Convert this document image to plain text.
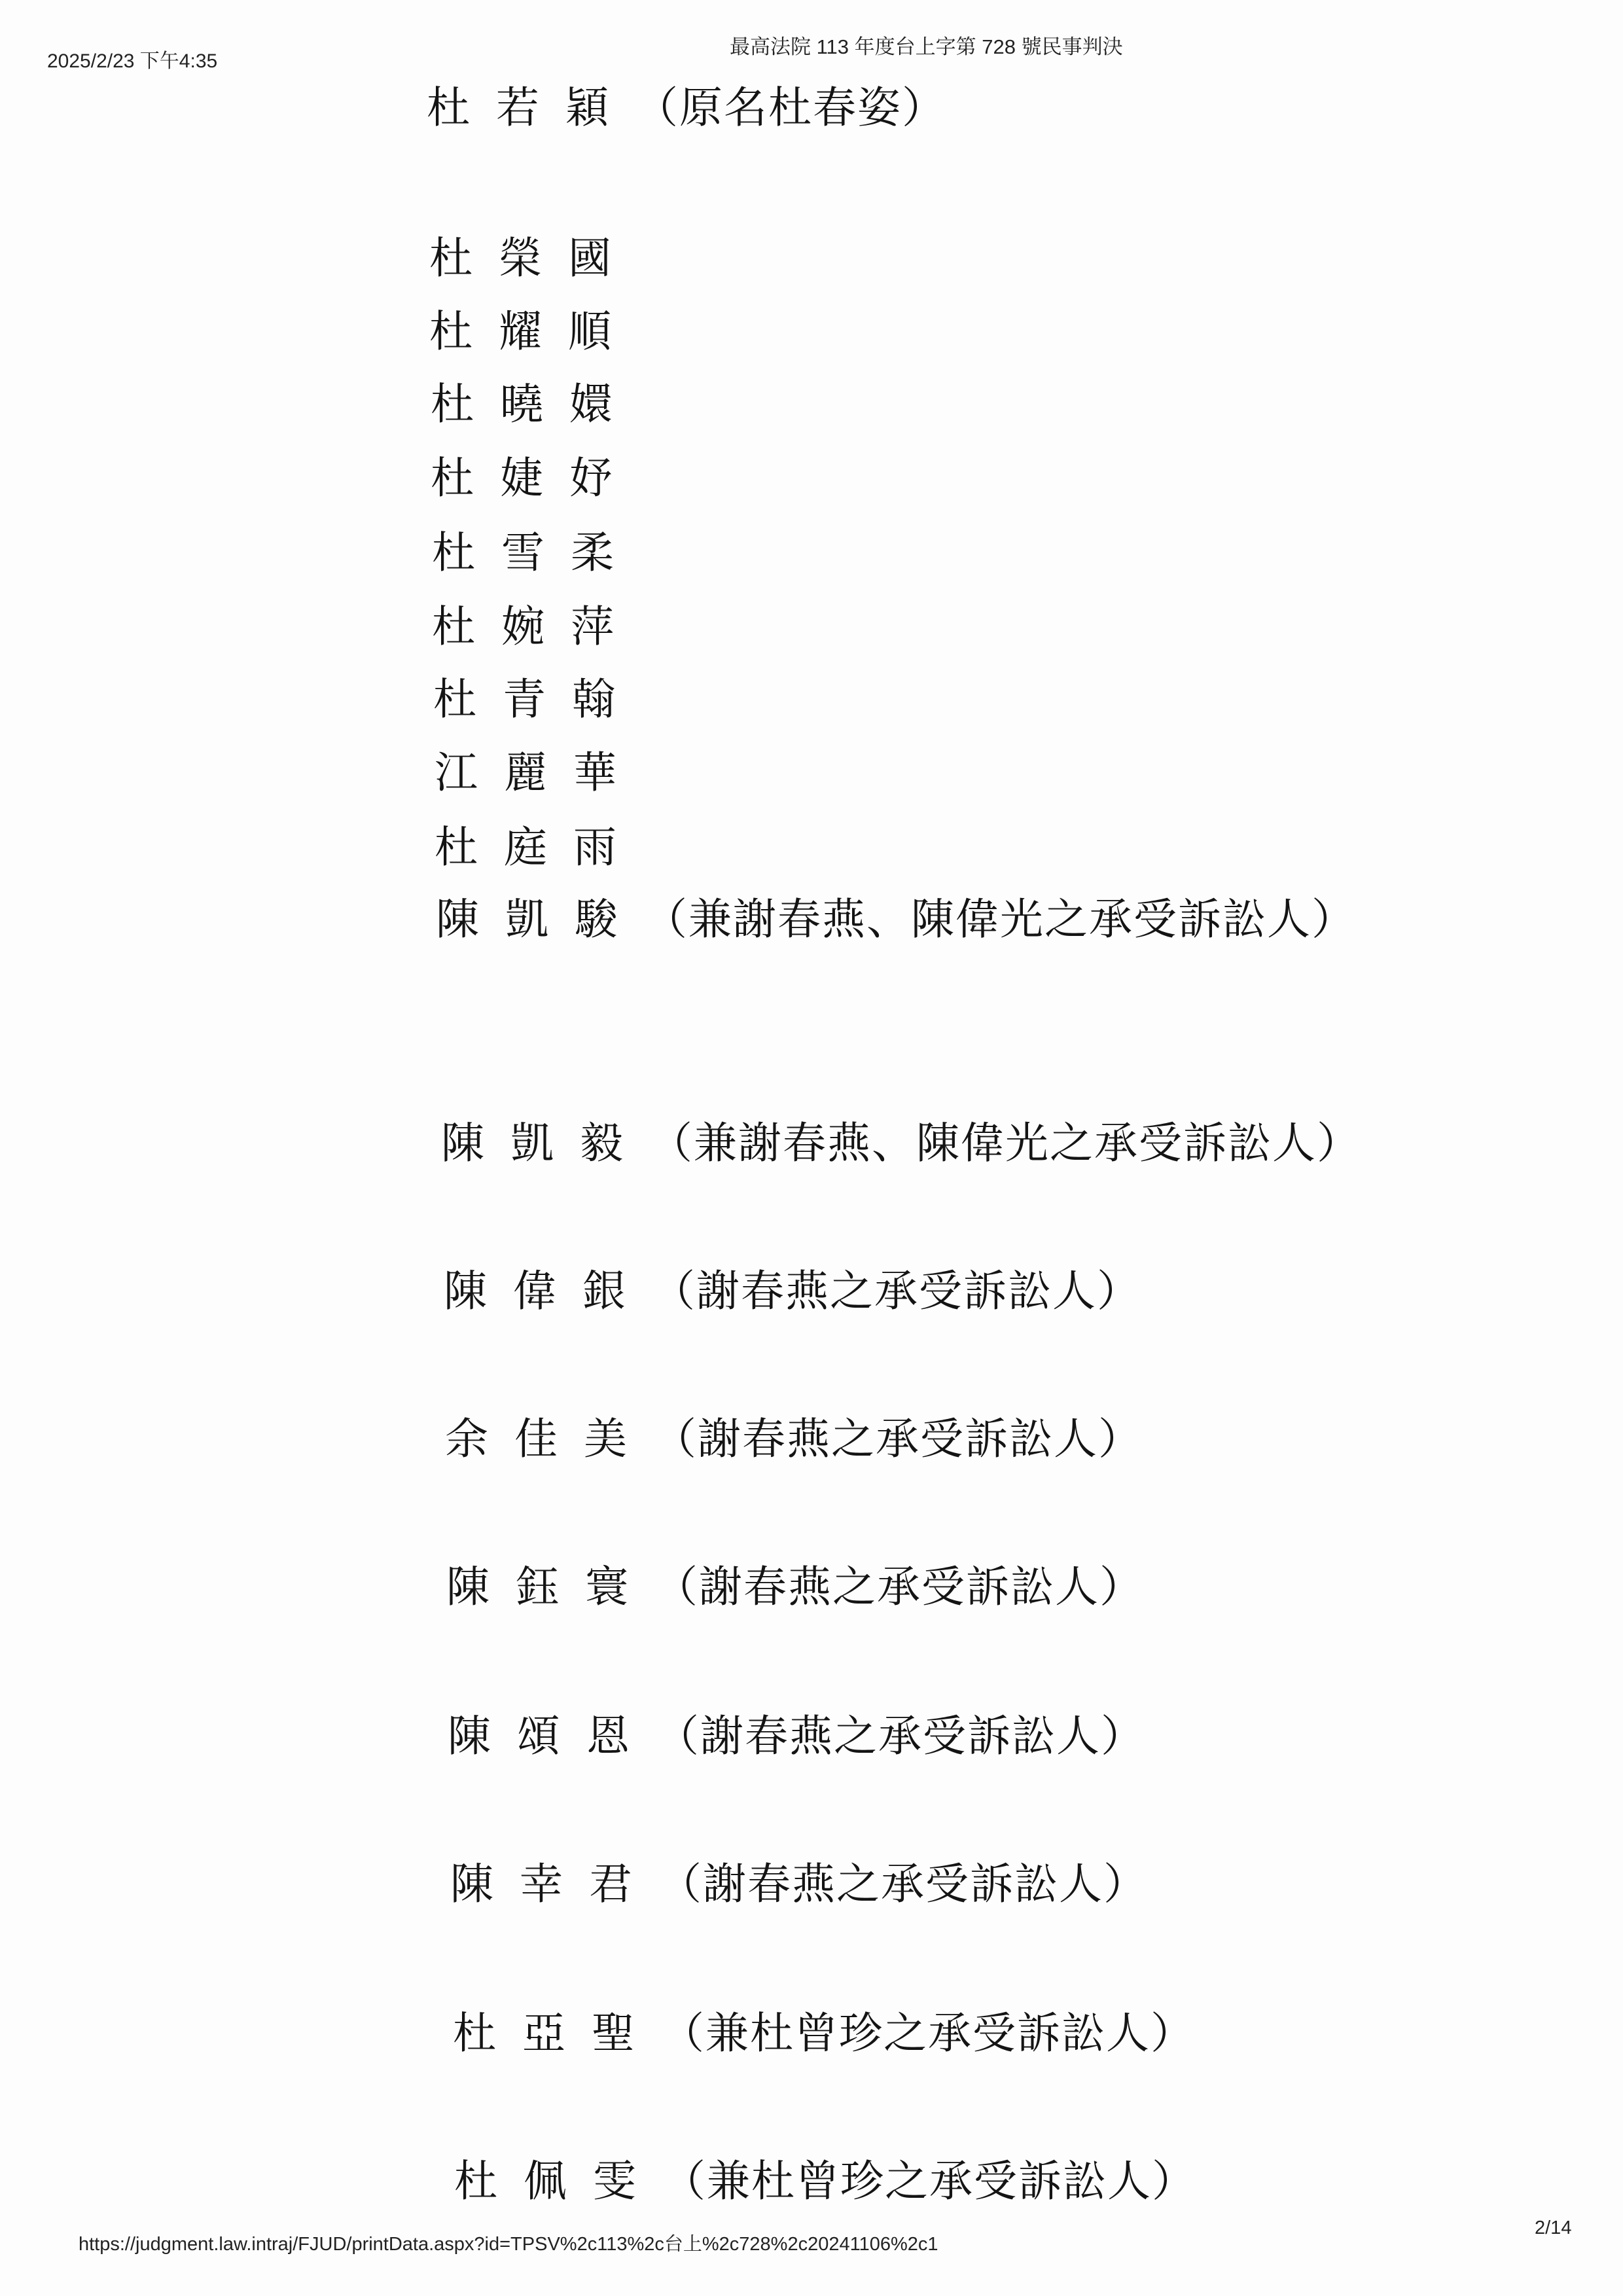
2025/2/23 下午4:35
最高法院 113 年度台上字第 728 號民事判決
杜若穎（原名杜春姿）
杜榮國
杜耀順
杜曉嬛
杜婕妤
杜雪柔
杜婉萍
杜青翰
江麗華
杜庭雨
陳凱駿（兼謝春燕、陳偉光之承受訴訟人）
陳凱毅（兼謝春燕、陳偉光之承受訴訟人）
陳偉銀（謝春燕之承受訴訟人）
余佳美（謝春燕之承受訴訟人）
陳鈺寰（謝春燕之承受訴訟人）
陳頌恩（謝春燕之承受訴訟人）
陳幸君（謝春燕之承受訴訟人）
杜亞聖（兼杜曾珍之承受訴訟人）
杜佩雯（兼杜曾珍之承受訴訟人）
https://judgment.law.intraj/FJUD/printData.aspx?id=TPSV%2c113%2c台上%2c728%2c20241106%2c1
2/14
